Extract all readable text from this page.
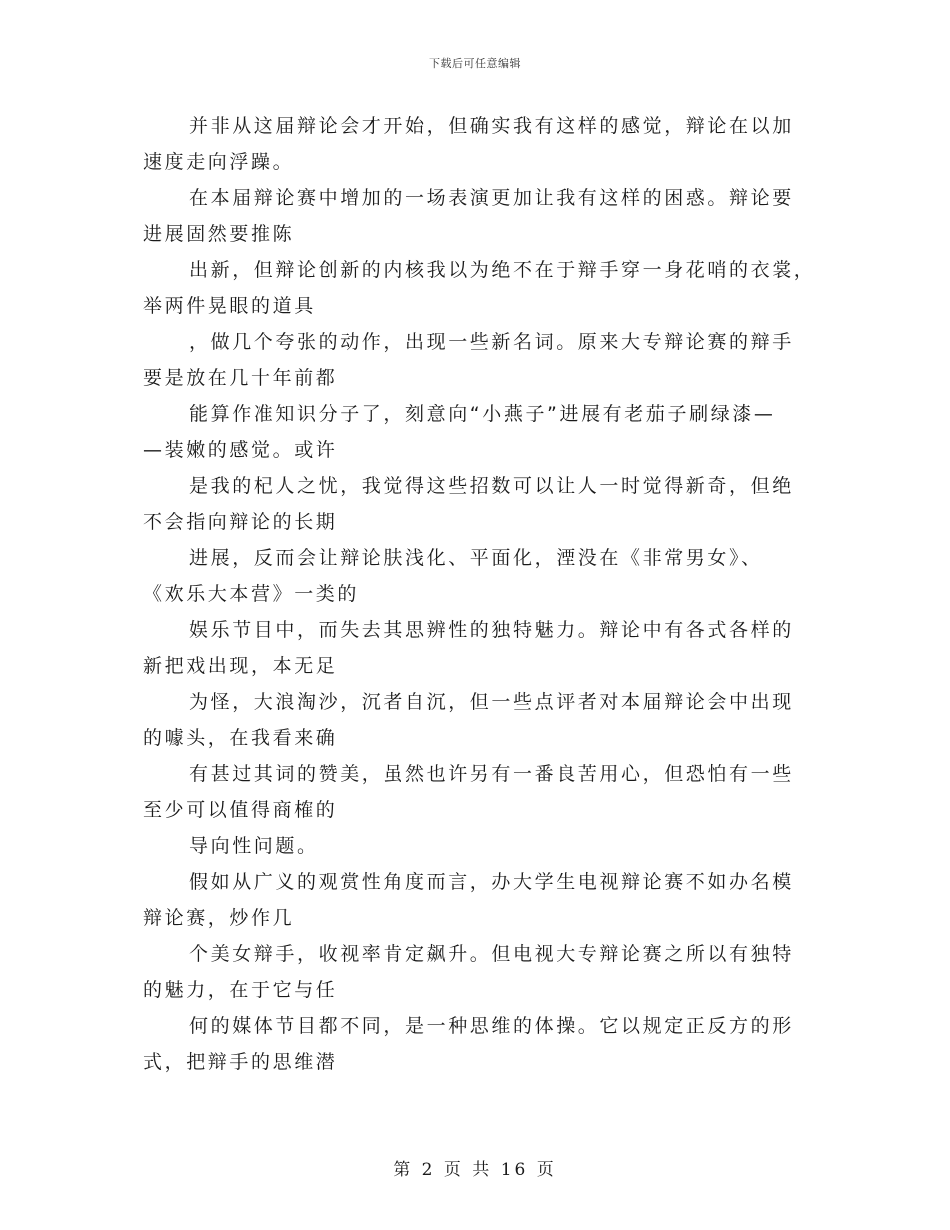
下载后可任意编辑

并非从这届辩论会才开始，但确实我有这样的感觉，辩论在以加
速度走向浮躁。

在本届辩论赛中增加的一场表演更加让我有这样的困惑。辩论要
进展固然要推陈

出新，但辩论创新的内核我以为绝不在于辩手穿一身花哨的衣裳，
举两件晃眼的道具

，做几个夸张的动作，出现一些新名词。原来大专辩论赛的辩手
要是放在几十年前都

能算作准知识分子了，刻意向“小燕子”进展有老茄子刷绿漆—
—装嫩的感觉。或许

是我的杞人之忧，我觉得这些招数可以让人一时觉得新奇，但绝
不会指向辩论的长期

进展，反而会让辩论肤浅化、平面化，湮没在《非常男女》、
《欢乐大本营》一类的

娱乐节目中，而失去其思辨性的独特魅力。辩论中有各式各样的
新把戏出现，本无足

为怪，大浪淘沙，沉者自沉，但一些点评者对本届辩论会中出现
的噱头，在我看来确

有甚过其词的赞美，虽然也许另有一番良苦用心，但恐怕有一些
至少可以值得商榷的

导向性问题。

假如从广义的观赏性角度而言，办大学生电视辩论赛不如办名模
辩论赛，炒作几

个美女辩手，收视率肯定飙升。但电视大专辩论赛之所以有独特
的魅力，在于它与任

何的媒体节目都不同，是一种思维的体操。它以规定正反方的形
式，把辩手的思维潜

第 2 页 共 16 页
